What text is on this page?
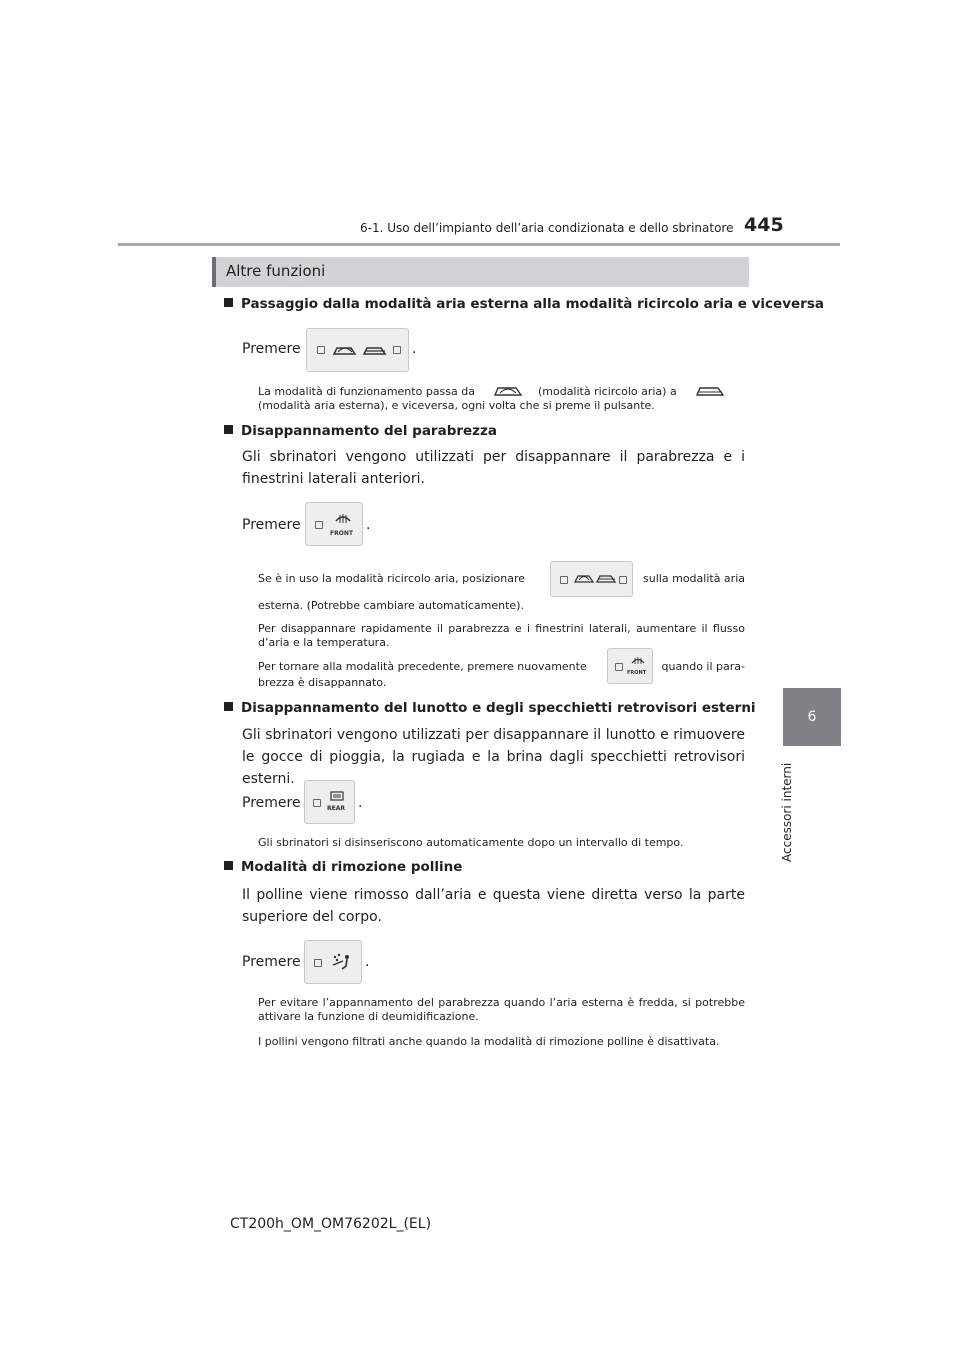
6-1. Uso dell’impianto dell’aria condizionata e dello sbrinatore 445
6
Accessori interni
Altre funzioni
Passaggio dalla modalità aria esterna alla modalità ricircolo aria e viceversa
Premere	.
La modalità di funzionamento passa da	(modalità ricircolo aria) a
(modalità aria esterna), e viceversa, ogni volta che si preme il pulsante.
Disappannamento del parabrezza
Gli sbrinatori vengono utilizzati per disappannare il parabrezza e i finestrini laterali anteriori.
Premere
FRONT
.
Se è in uso la modalità ricircolo aria, posizionare	sulla modalità aria
esterna. (Potrebbe cambiare automaticamente).
Per disappannare rapidamente il parabrezza e i finestrini laterali, aumentare il flusso d’aria e la temperatura.
Per tornare alla modalità precedente, premere nuovamente	FRONT quando il para-
brezza è disappannato.
Disappannamento del lunotto e degli specchietti retrovisori esterni
Gli sbrinatori vengono utilizzati per disappannare il lunotto e rimuovere le gocce di pioggia, la rugiada e la brina dagli specchietti retrovisori esterni.
Premere	REAR .
Gli sbrinatori si disinseriscono automaticamente dopo un intervallo di tempo.
Modalità di rimozione polline
Il polline viene rimosso dall’aria e questa viene diretta verso la parte superiore del corpo.
Premere	.
Per evitare l’appannamento del parabrezza quando l’aria esterna è fredda, si potrebbe attivare la funzione di deumidificazione.
I pollini vengono filtrati anche quando la modalità di rimozione polline è disattivata.
CT200h_OM_OM76202L_(EL)
